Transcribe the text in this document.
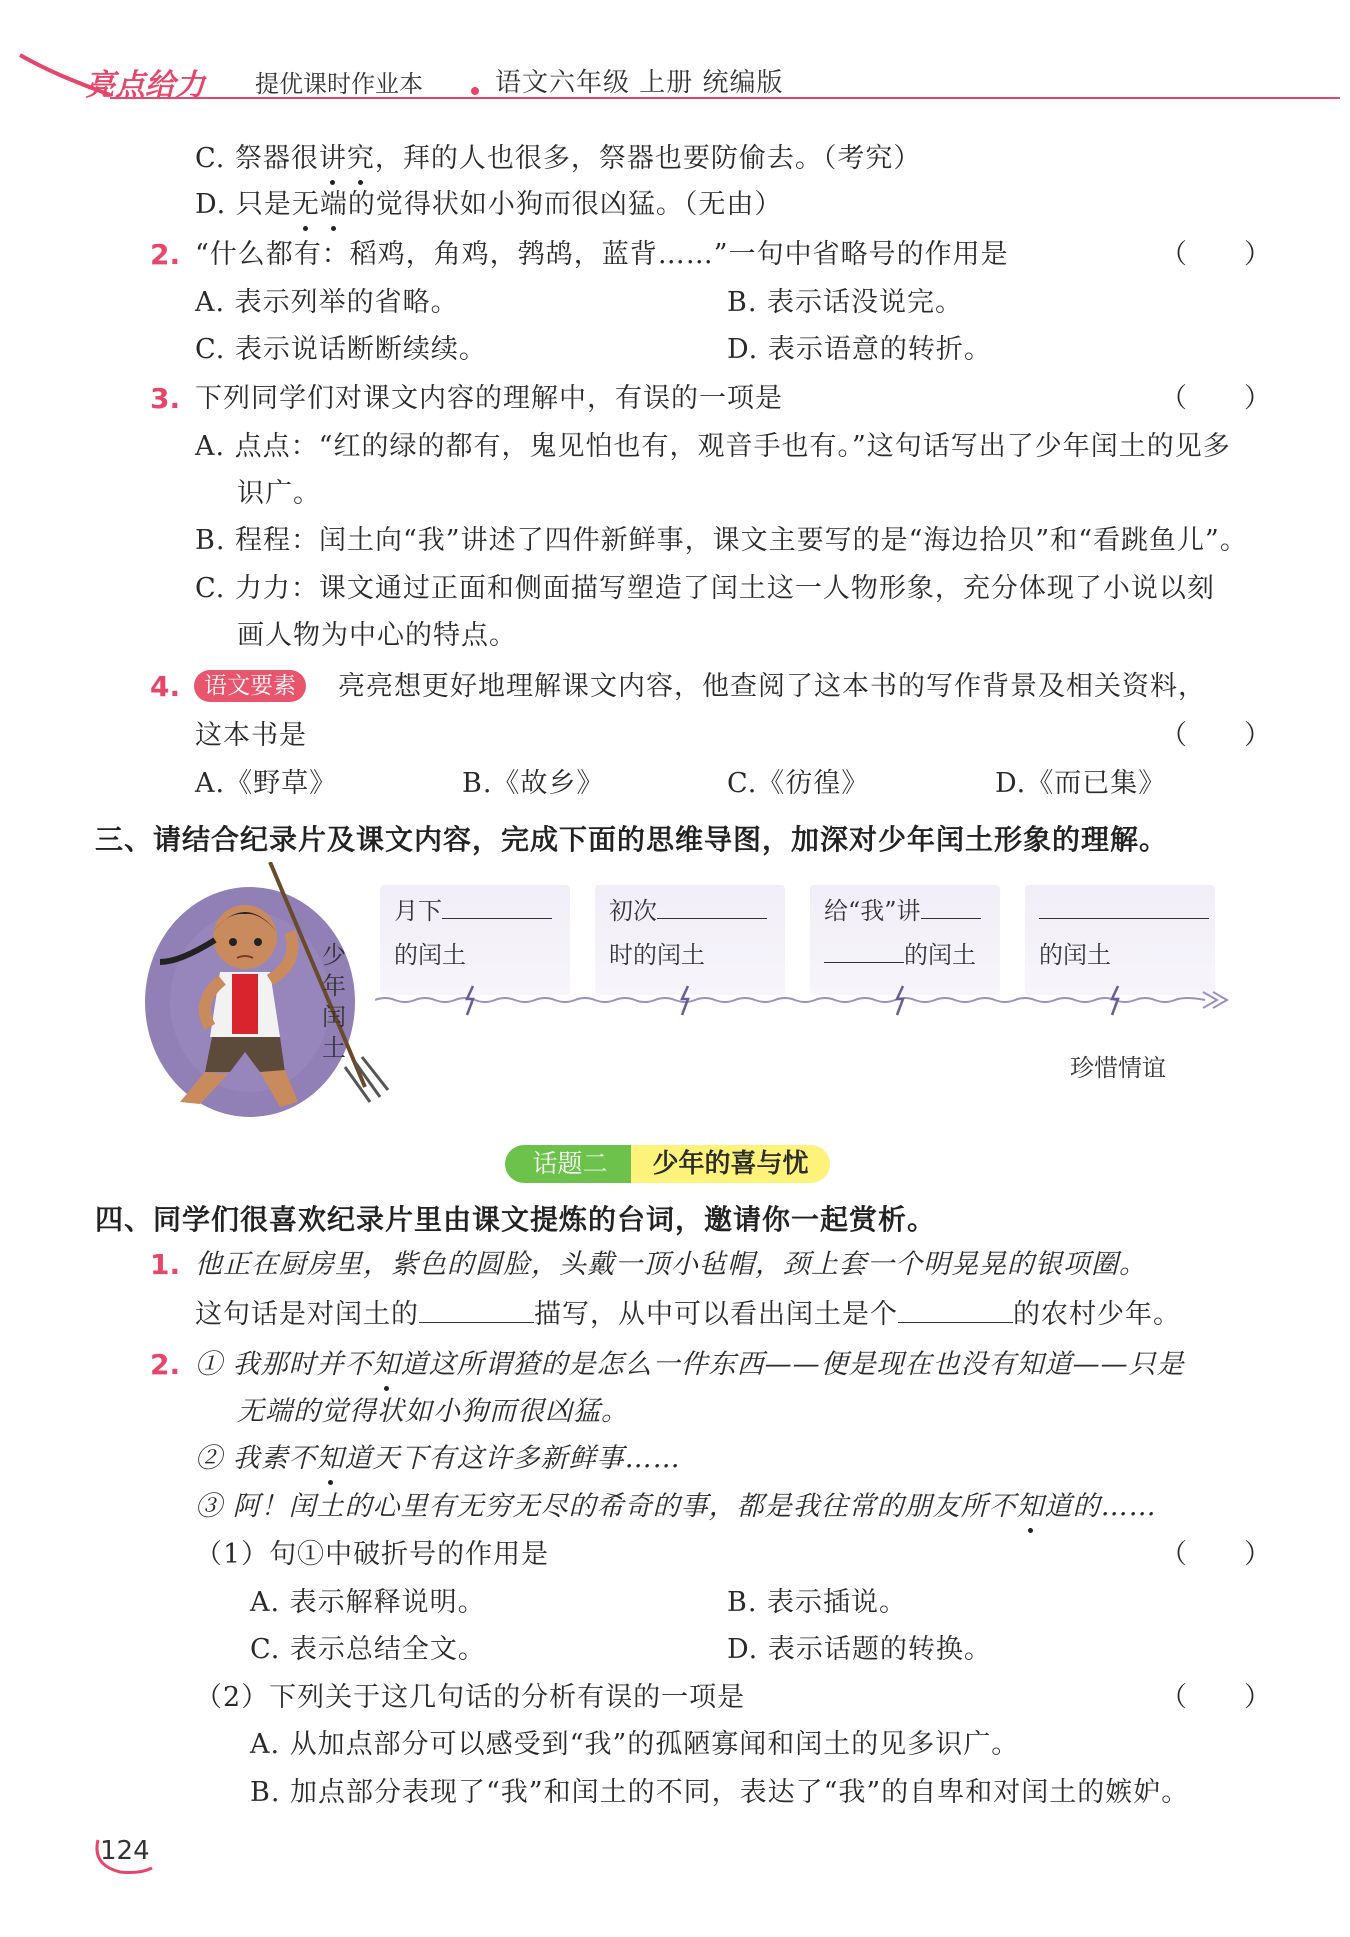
亮点给力 提优课时作业本	语文六年级 上册 统编版
C. 祭器很讲究，拜的人也很多，祭器也要防偷去。（考究）
D. 只是无端的觉得状如小狗而很凶猛。（无由）
2. “什么都有：稻鸡，角鸡，鹁鸪，蓝背……”一句中省略号的作用是	（　　）
A. 表示列举的省略。	B. 表示话没说完。
C. 表示说话断断续续。	D. 表示语意的转折。
3. 下列同学们对课文内容的理解中，有误的一项是	（　　）
A. 点点：“红的绿的都有，鬼见怕也有，观音手也有。”这句话写出了少年闰土的见多
识广。
B. 程程：闰土向“我”讲述了四件新鲜事，课文主要写的是“海边拾贝”和“看跳鱼儿”。
C. 力力：课文通过正面和侧面描写塑造了闰土这一人物形象，充分体现了小说以刻
画人物为中心的特点。
4.	语文要素	亮亮想更好地理解课文内容，他查阅了这本书的写作背景及相关资料，
这本书是	（　　）
A.《野草》	B.《故乡》	C.《彷徨》	D.《而已集》
三、请结合纪录片及课文内容，完成下面的思维导图，加深对少年闰土形象的理解。
少年闰土
月下
的闰土
初次
时的闰土
给“我”讲
的闰土	的闰土
珍惜情谊
话题二	少年的喜与忧
四、同学们很喜欢纪录片里由课文提炼的台词，邀请你一起赏析。
1. 他正在厨房里，紫色的圆脸，头戴一顶小毡帽，颈上套一个明晃晃的银项圈。
这句话是对闰土的	描写，从中可以看出闰土是个	的农村少年。
2. ① 我那时并不知道这所谓猹的是怎么一件东西——便是现在也没有知道——只是
无端的觉得状如小狗而很凶猛。
② 我素不知道天下有这许多新鲜事……
③ 阿！闰土的心里有无穷无尽的希奇的事，都是我往常的朋友所不知道的……
（1）句①中破折号的作用是	（　　）
A. 表示解释说明。	B. 表示插说。
C. 表示总结全文。	D. 表示话题的转换。
（2）下列关于这几句话的分析有误的一项是	（　　）
A. 从加点部分可以感受到“我”的孤陋寡闻和闰土的见多识广。
B. 加点部分表现了“我”和闰土的不同，表达了“我”的自卑和对闰土的嫉妒。
124
